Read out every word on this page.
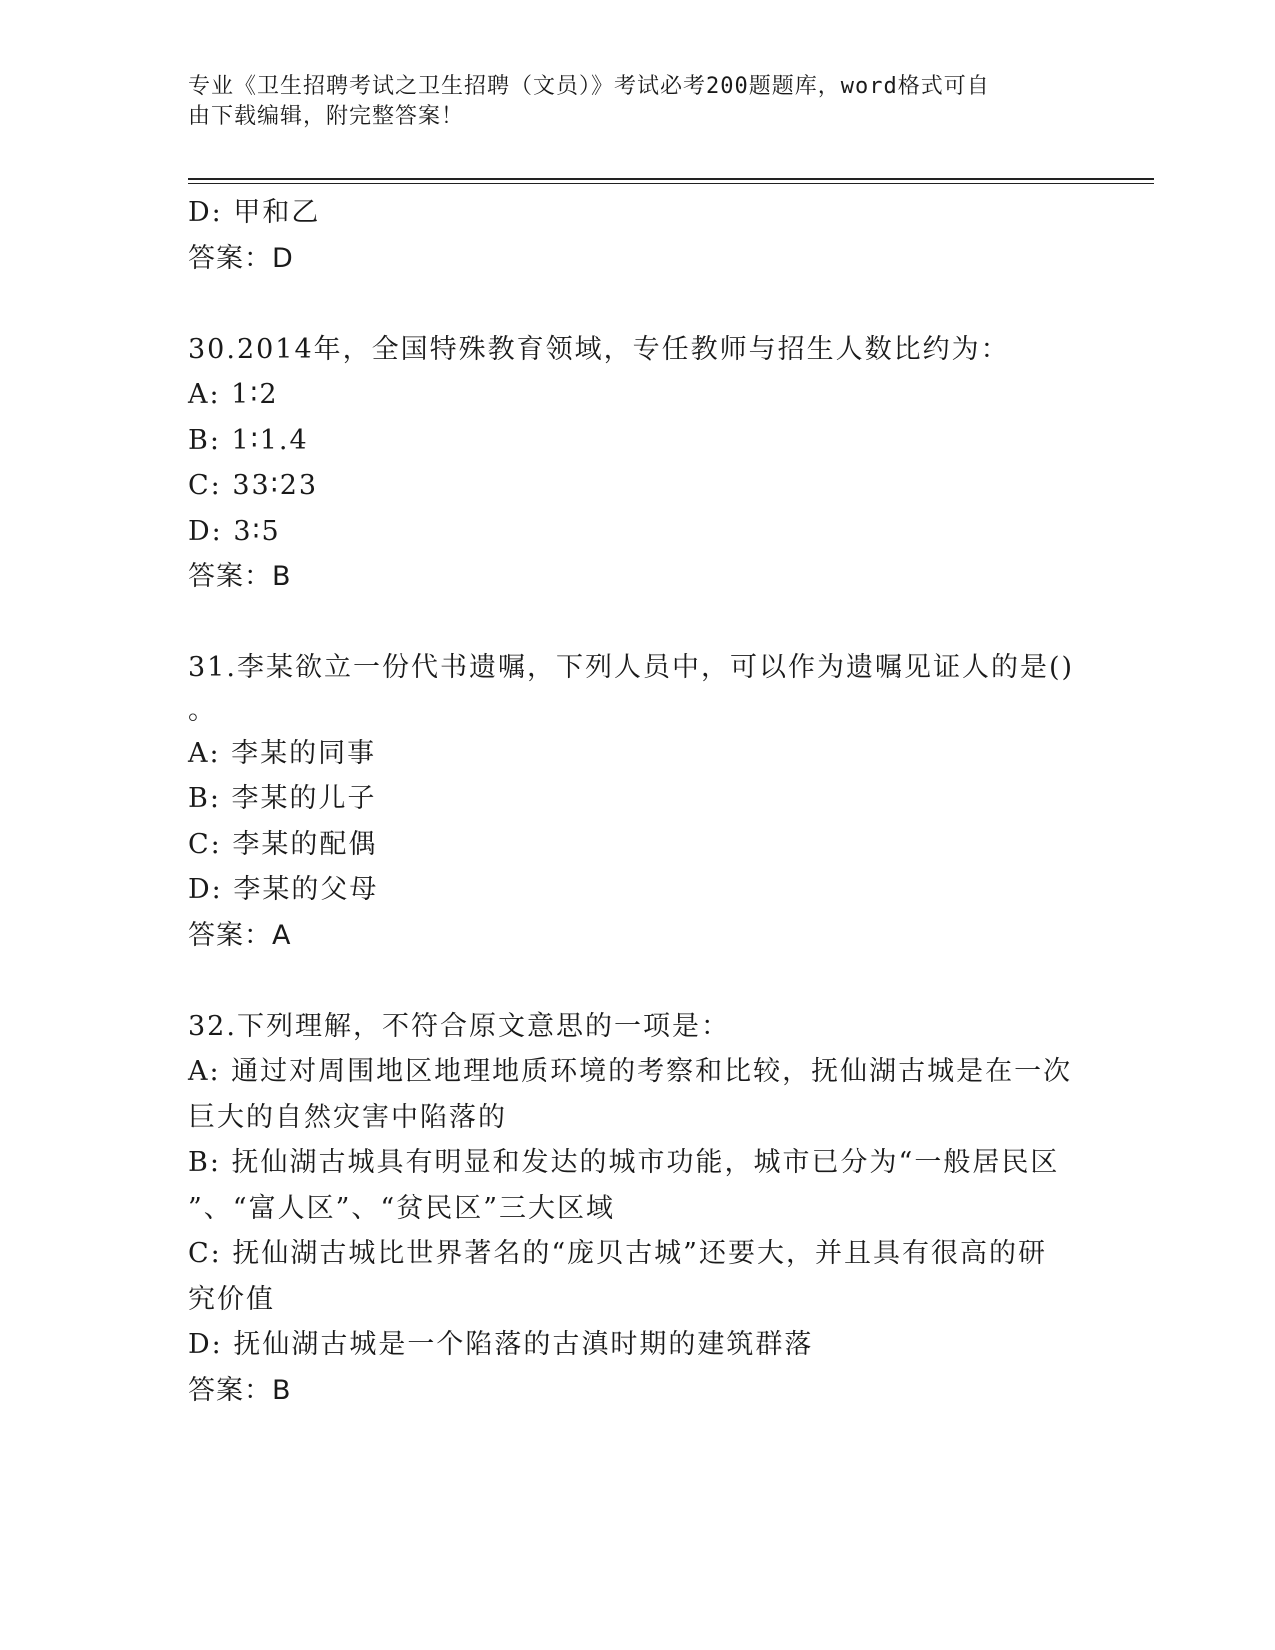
专业《卫生招聘考试之卫生招聘（文员）》考试必考200题题库，word格式可自
由下载编辑，附完整答案！
D: 甲和乙
答案：D
30.2014年，全国特殊教育领域，专任教师与招生人数比约为：
A: 1∶2
B: 1∶1.4
C: 33∶23
D: 3∶5
答案：B
31.李某欲立一份代书遗嘱，下列人员中，可以作为遗嘱见证人的是()
。
A: 李某的同事
B: 李某的儿子
C: 李某的配偶
D: 李某的父母
答案：A
32.下列理解，不符合原文意思的一项是：
A: 通过对周围地区地理地质环境的考察和比较，抚仙湖古城是在一次
巨大的自然灾害中陷落的
B: 抚仙湖古城具有明显和发达的城市功能，城市已分为“一般居民区
”、“富人区”、“贫民区”三大区域
C: 抚仙湖古城比世界著名的“庞贝古城”还要大，并且具有很高的研
究价值
D: 抚仙湖古城是一个陷落的古滇时期的建筑群落
答案：B
